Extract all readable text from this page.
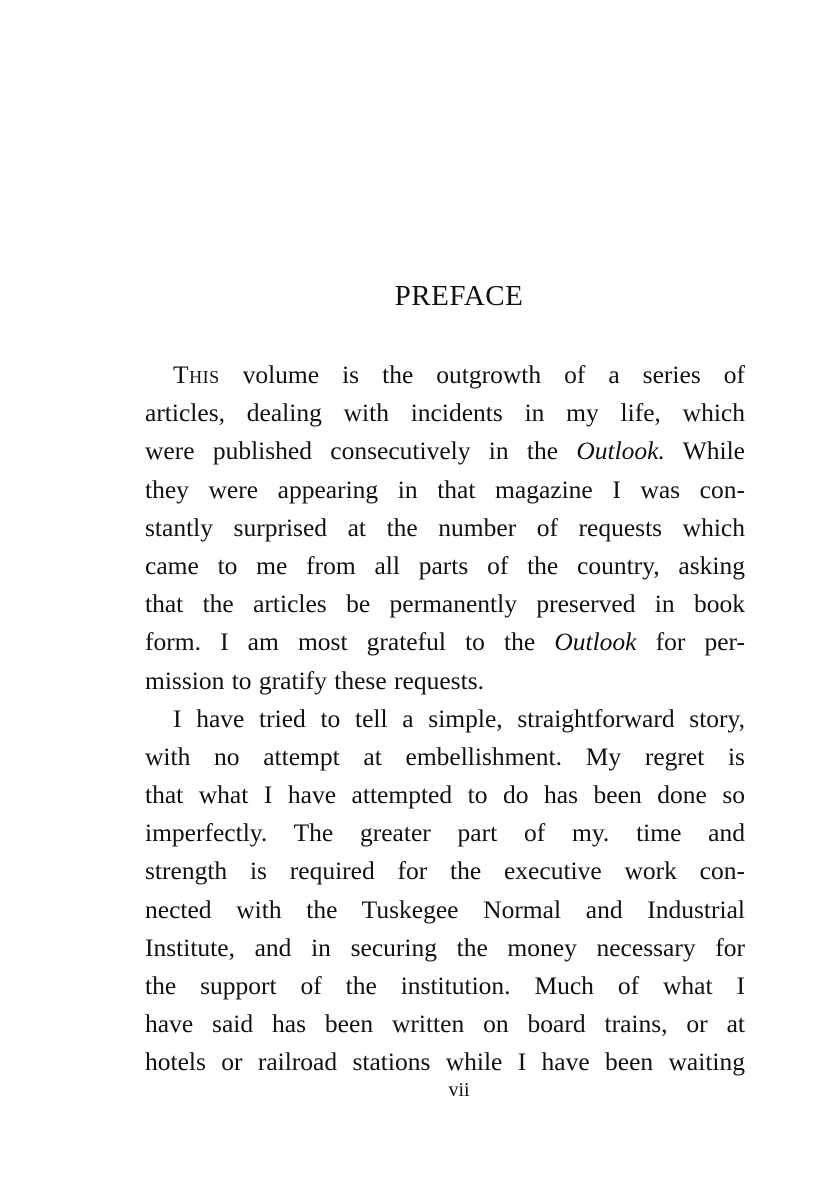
PREFACE
This volume is the outgrowth of a series of
articles, dealing with incidents in my life, which
were published consecutively in the Outlook. While
they were appearing in that magazine I was con-
stantly surprised at the number of requests which
came to me from all parts of the country, asking
that the articles be permanently preserved in book
form. I am most grateful to the Outlook for per-
mission to gratify these requests.
I have tried to tell a simple, straightforward story,
with no attempt at embellishment. My regret is
that what I have attempted to do has been done so
imperfectly. The greater part of my. time and
strength is required for the executive work con-
nected with the Tuskegee Normal and Industrial
Institute, and in securing the money necessary for
the support of the institution. Much of what I
have said has been written on board trains, or at
hotels or railroad stations while I have been waiting
vii
